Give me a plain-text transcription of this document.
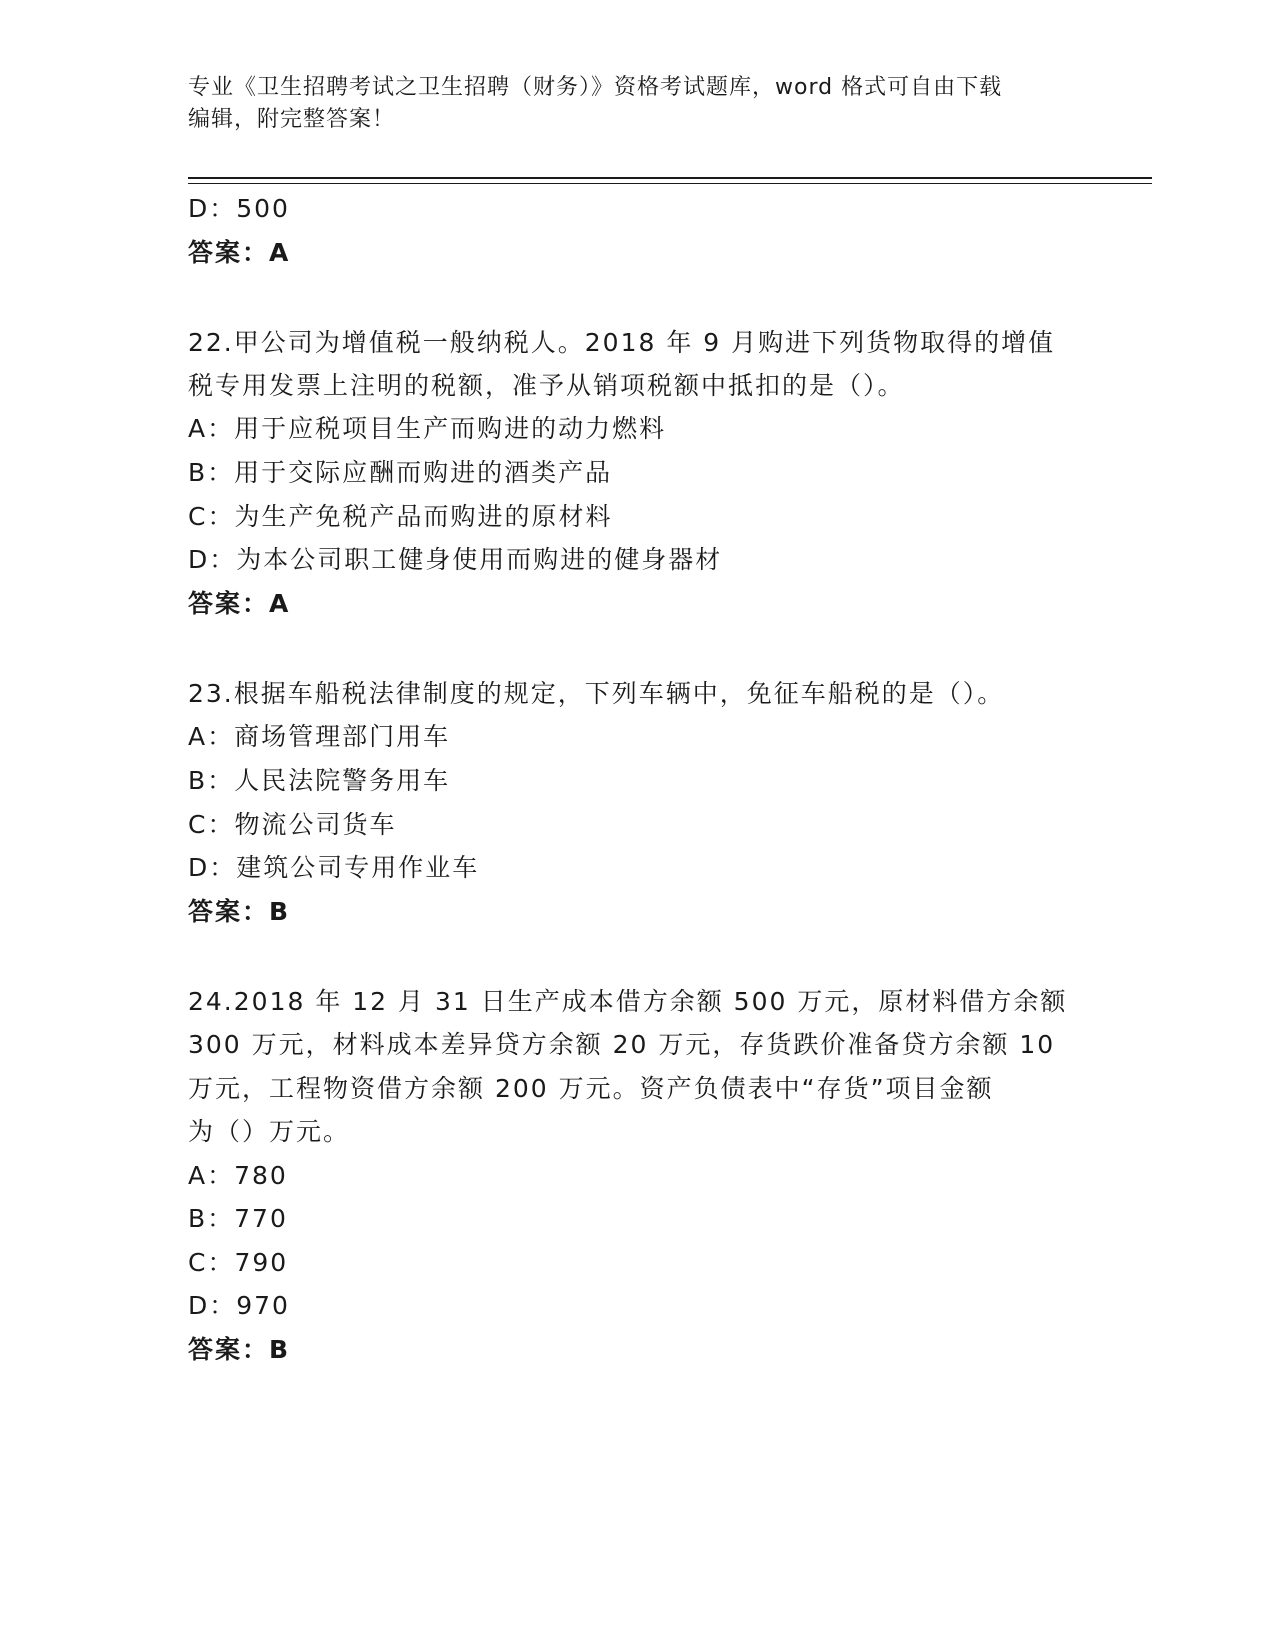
专业《卫生招聘考试之卫生招聘（财务）》资格考试题库，word 格式可自由下载
编辑，附完整答案！
D：500
答案：A
22.甲公司为增值税一般纳税人。2018 年 9 月购进下列货物取得的增值
税专用发票上注明的税额，准予从销项税额中抵扣的是（）。
A：用于应税项目生产而购进的动力燃料
B：用于交际应酬而购进的酒类产品
C：为生产免税产品而购进的原材料
D：为本公司职工健身使用而购进的健身器材
答案：A
23.根据车船税法律制度的规定，下列车辆中，免征车船税的是（）。
A：商场管理部门用车
B：人民法院警务用车
C：物流公司货车
D：建筑公司专用作业车
答案：B
24.2018 年 12 月 31 日生产成本借方余额 500 万元，原材料借方余额
300 万元，材料成本差异贷方余额 20 万元，存货跌价准备贷方余额 10
万元，工程物资借方余额 200 万元。资产负债表中“存货”项目金额
为（）万元。
A：780
B：770
C：790
D：970
答案：B
